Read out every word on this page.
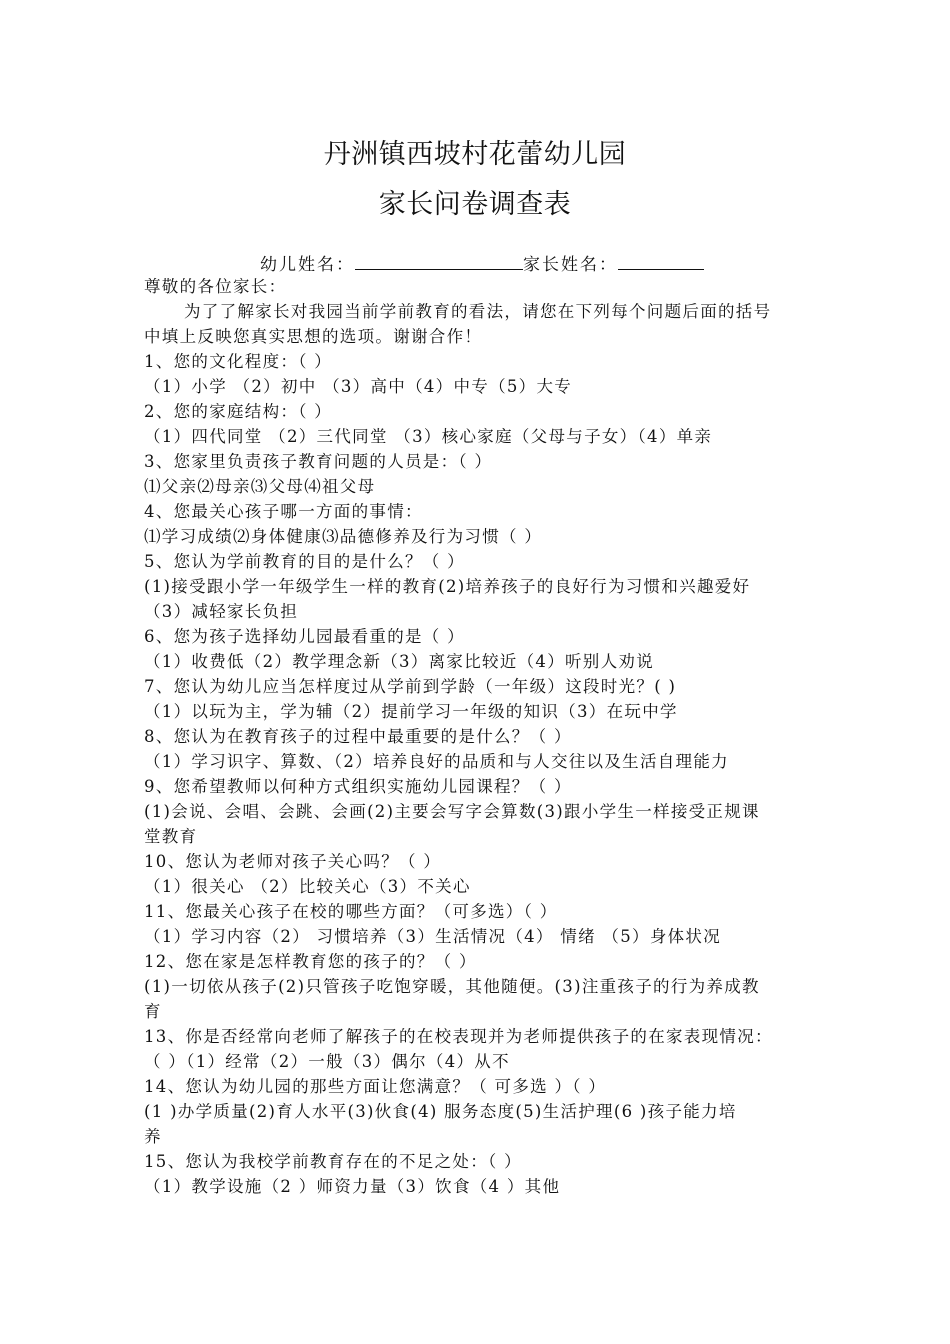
丹洲镇西坡村花蕾幼儿园
家长问卷调查表
幼儿姓名：	家长姓名：
尊敬的各位家长：
为了了解家长对我园当前学前教育的看法，请您在下列每个问题后面的括号
中填上反映您真实思想的选项。谢谢合作！
1、您的文化程度：（ ）
（1）小学 （2）初中 （3）高中（4）中专（5）大专
2、您的家庭结构：（ ）
（1）四代同堂 （2）三代同堂 （3）核心家庭（父母与子女）（4）单亲
3、您家里负责孩子教育问题的人员是：（ ）
⑴父亲⑵母亲⑶父母⑷祖父母
4、您最关心孩子哪一方面的事情：
⑴学习成绩⑵身体健康⑶品德修养及行为习惯（ ）
5、您认为学前教育的目的是什么？（ ）
(1)接受跟小学一年级学生一样的教育(2)培养孩子的良好行为习惯和兴趣爱好
（3）减轻家长负担
6、您为孩子选择幼儿园最看重的是（ ）
（1）收费低（2）教学理念新（3）离家比较近（4）听别人劝说
7、您认为幼儿应当怎样度过从学前到学龄（一年级）这段时光？( )
（1）以玩为主，学为辅（2）提前学习一年级的知识（3）在玩中学
8、您认为在教育孩子的过程中最重要的是什么？（ ）
（1）学习识字、算数、（2）培养良好的品质和与人交往以及生活自理能力
9、您希望教师以何种方式组织实施幼儿园课程？（ ）
(1)会说、会唱、会跳、会画(2)主要会写字会算数(3)跟小学生一样接受正规课
堂教育
10、您认为老师对孩子关心吗？（ ）
（1）很关心 （2）比较关心（3）不关心
11、您最关心孩子在校的哪些方面？（可多选）（ ）
（1）学习内容（2） 习惯培养（3）生活情况（4） 情绪 （5）身体状况
12、您在家是怎样教育您的孩子的？（ ）
(1)一切依从孩子(2)只管孩子吃饱穿暖，其他随便。(3)注重孩子的行为养成教
育
13、你是否经常向老师了解孩子的在校表现并为老师提供孩子的在家表现情况：
（ ）（1）经常（2）一般（3）偶尔（4）从不
14、您认为幼儿园的那些方面让您满意？（ 可多选 ）（ ）
(1 )办学质量(2)育人水平(3)伙食(4) 服务态度(5)生活护理(6 )孩子能力培
养
15、您认为我校学前教育存在的不足之处：（ ）
（1）教学设施（2 ）师资力量（3）饮食（4 ）其他
